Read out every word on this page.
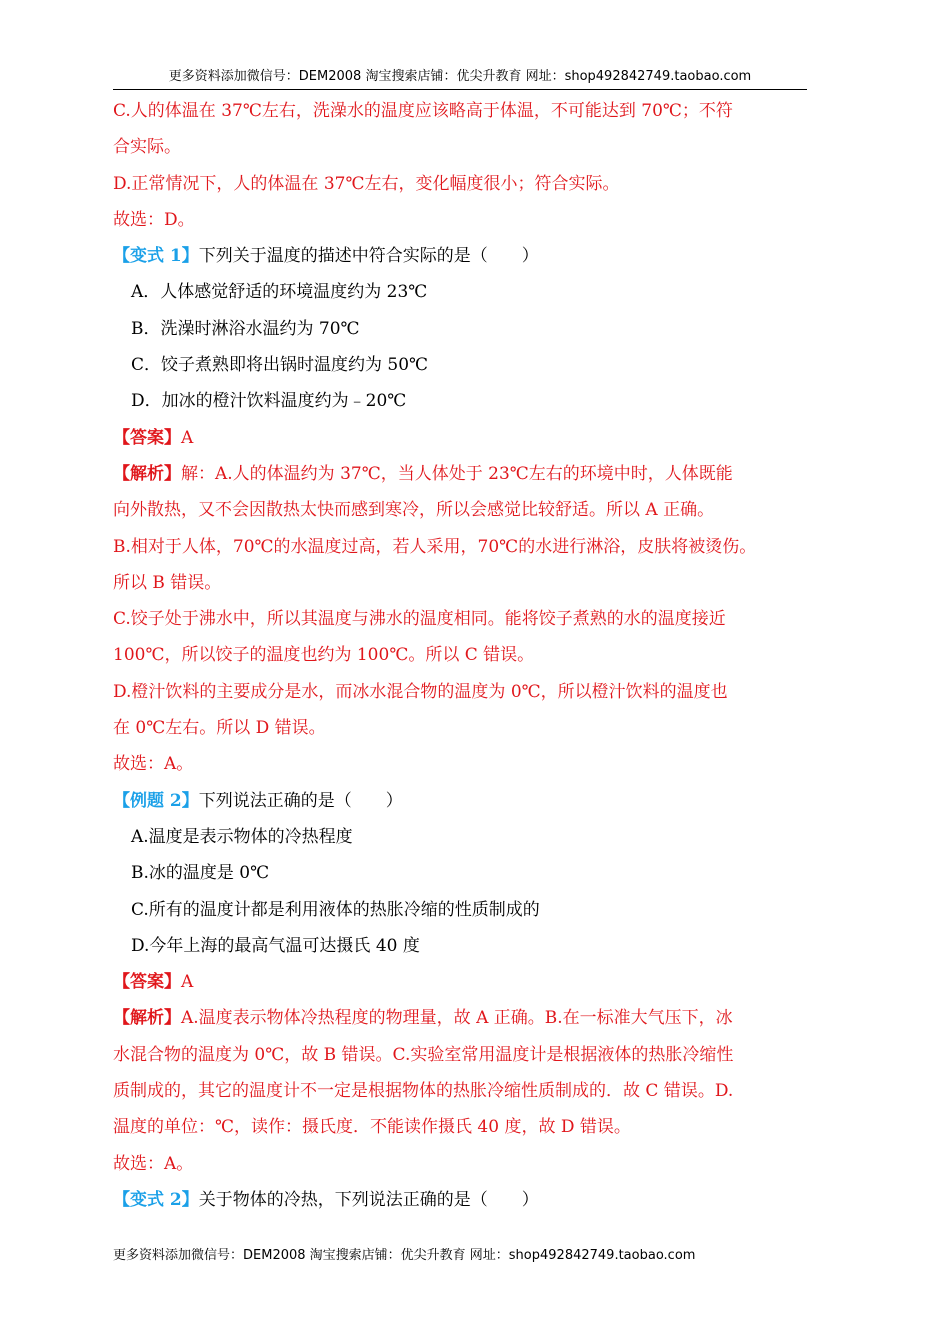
更多资料添加微信号：DEM2008 淘宝搜索店铺：优尖升教育 网址：shop492842749.taobao.com

C.人的体温在 37℃左右，洗澡水的温度应该略高于体温，不可能达到 70℃；不符

合实际。

D.正常情况下，人的体温在 37℃左右，变化幅度很小；符合实际。

故选：D。

【变式 1】下列关于温度的描述中符合实际的是（　　）

A．人体感觉舒适的环境温度约为 23℃

B．洗澡时淋浴水温约为 70℃

C．饺子煮熟即将出锅时温度约为 50℃

D．加冰的橙汁饮料温度约为﹣20℃

【答案】A

【解析】解：A.人的体温约为 37℃，当人体处于 23℃左右的环境中时，人体既能

向外散热，又不会因散热太快而感到寒冷，所以会感觉比较舒适。所以 A 正确。

B.相对于人体，70℃的水温度过高，若人采用，70℃的水进行淋浴，皮肤将被烫伤。

所以 B 错误。

C.饺子处于沸水中，所以其温度与沸水的温度相同。能将饺子煮熟的水的温度接近

100℃，所以饺子的温度也约为 100℃。所以 C 错误。

D.橙汁饮料的主要成分是水，而冰水混合物的温度为 0℃，所以橙汁饮料的温度也

在 0℃左右。所以 D 错误。

故选：A。

【例题 2】下列说法正确的是（　　）

A.温度是表示物体的冷热程度

B.冰的温度是 0℃

C.所有的温度计都是利用液体的热胀冷缩的性质制成的

D.今年上海的最高气温可达摄氏 40 度

【答案】A

【解析】A.温度表示物体冷热程度的物理量，故 A 正确。B.在一标准大气压下，冰

水混合物的温度为 0℃，故 B 错误。C.实验室常用温度计是根据液体的热胀冷缩性

质制成的，其它的温度计不一定是根据物体的热胀冷缩性质制成的．故 C 错误。D.

温度的单位：℃，读作：摄氏度．不能读作摄氏 40 度，故 D 错误。

故选：A。

【变式 2】关于物体的冷热，下列说法正确的是（　　）

更多资料添加微信号：DEM2008 淘宝搜索店铺：优尖升教育 网址：shop492842749.taobao.com
